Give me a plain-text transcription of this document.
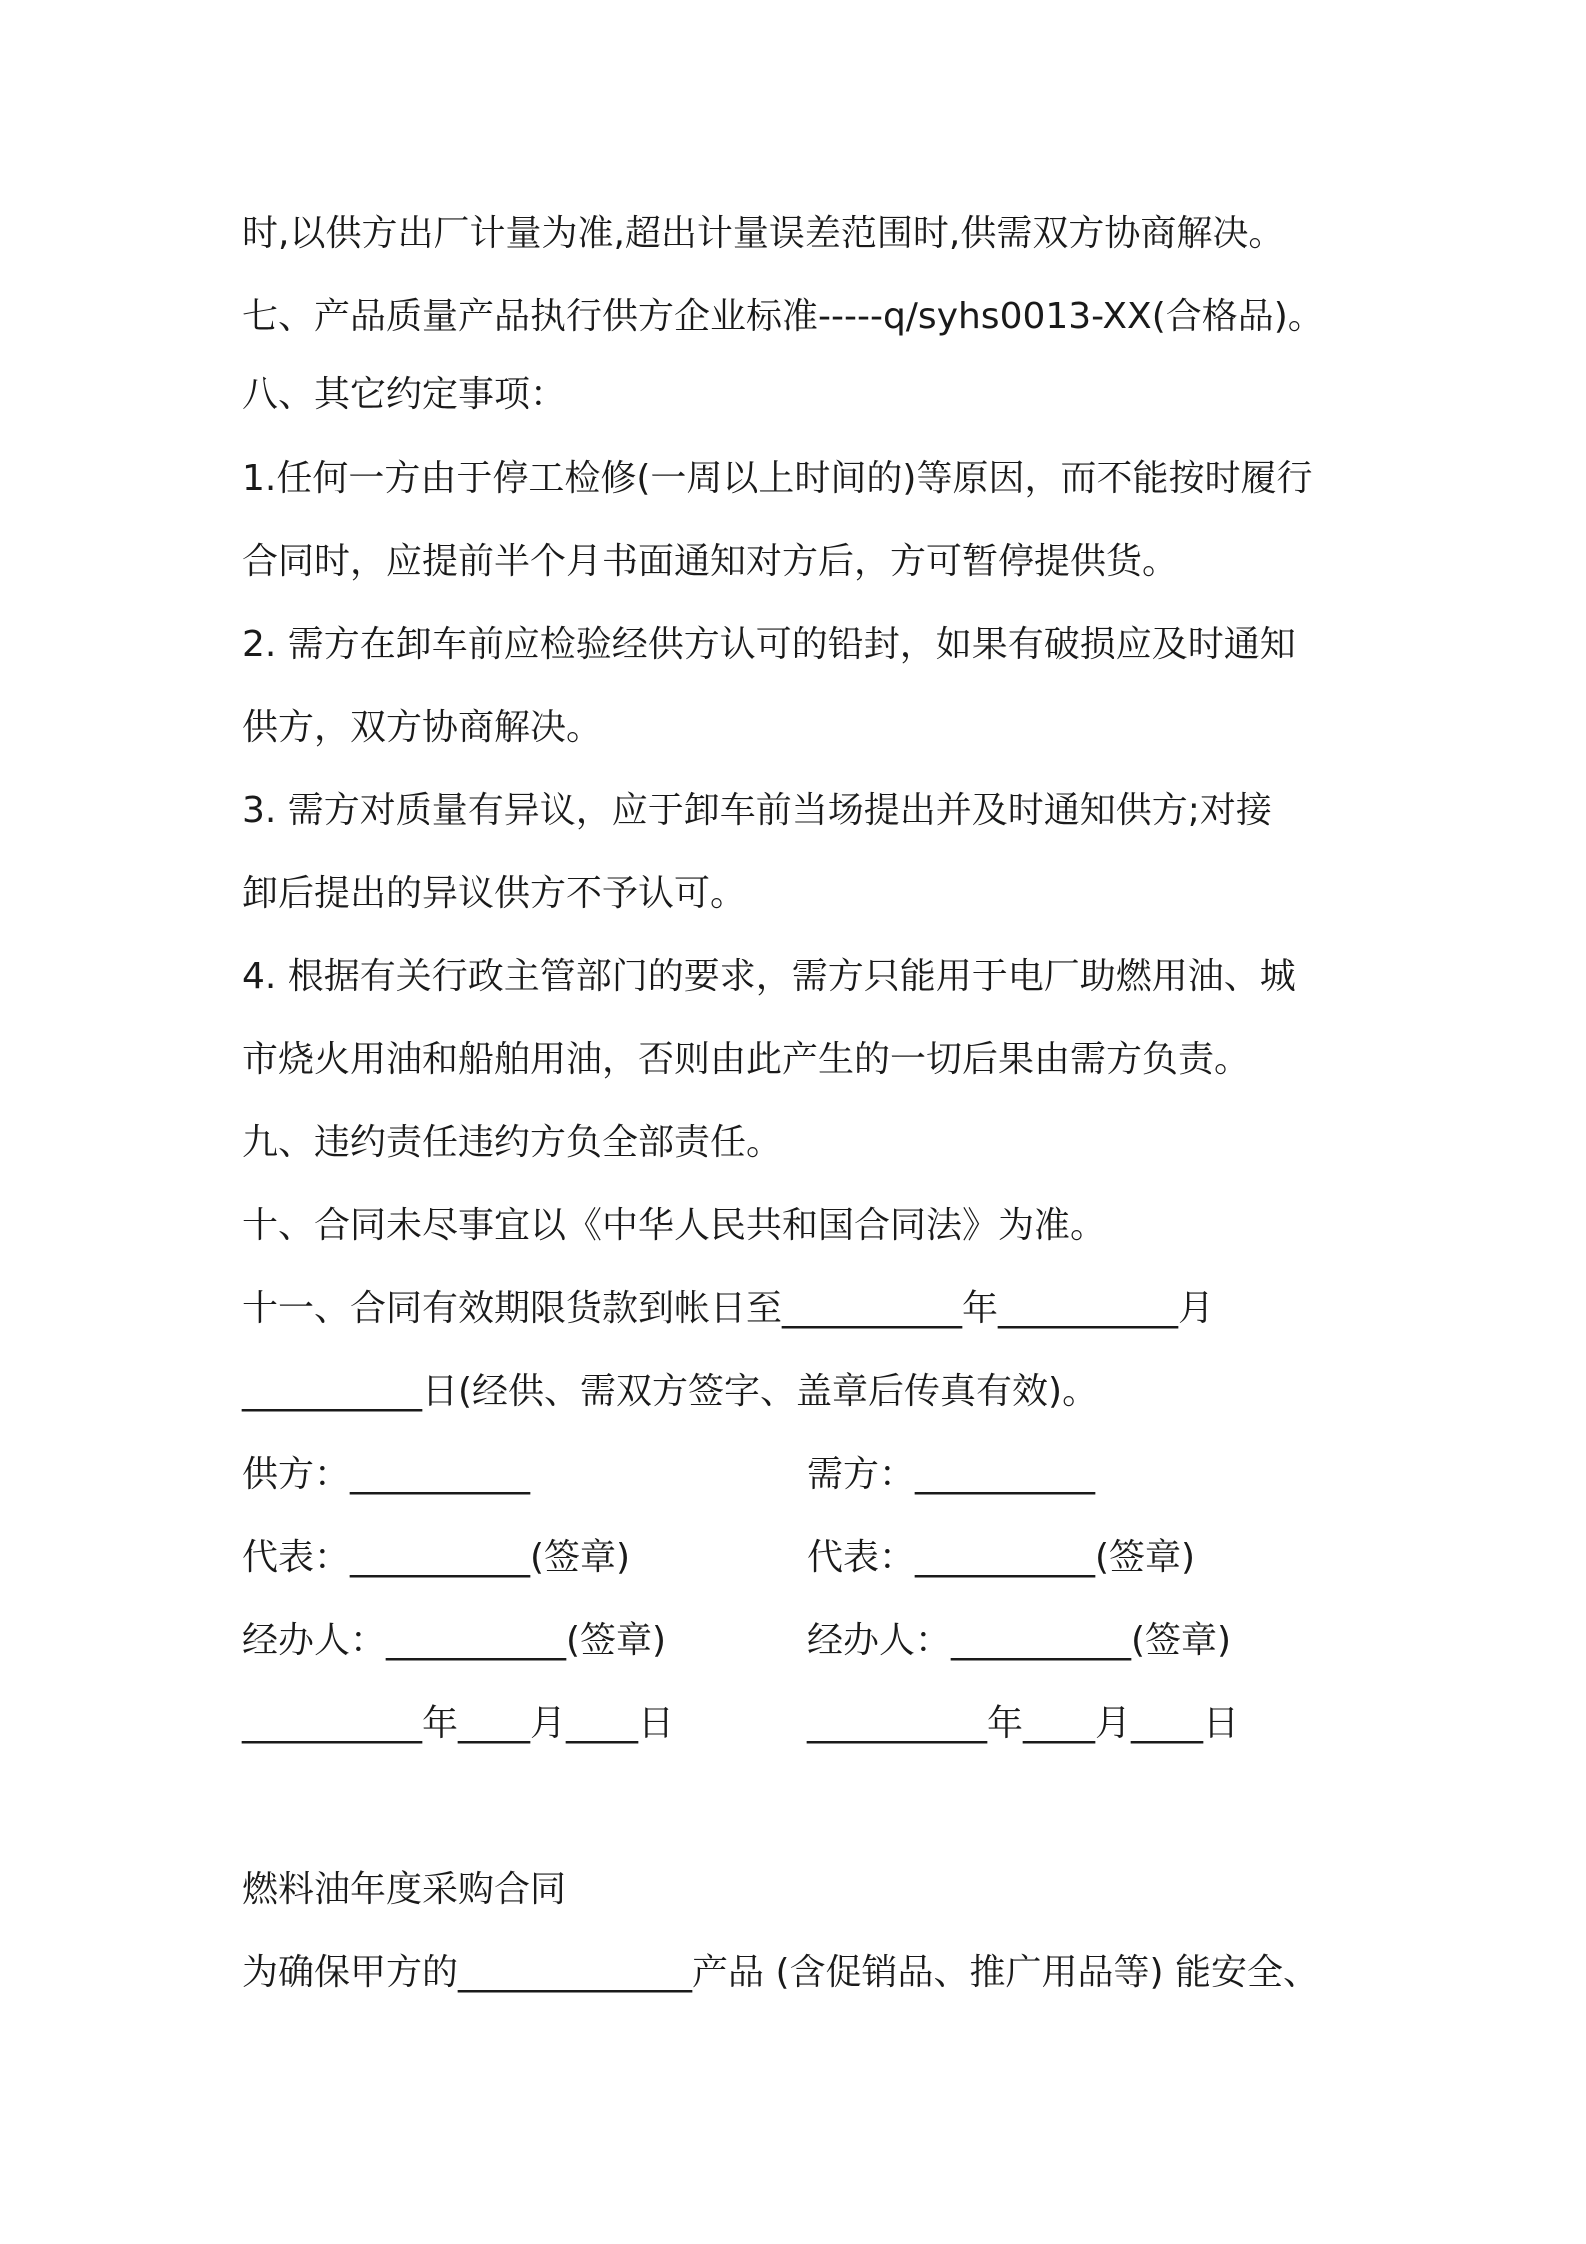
时,以供方出厂计量为准,超出计量误差范围时,供需双方协商解决。
七、产品质量产品执行供方企业标准-----q/syhs0013-XX(合格品)。
八、其它约定事项：
1.任何一方由于停工检修(一周以上时间的)等原因，而不能按时履行
合同时，应提前半个月书面通知对方后，方可暂停提供货。
2. 需方在卸车前应检验经供方认可的铅封，如果有破损应及时通知
供方，双方协商解决。
3. 需方对质量有异议，应于卸车前当场提出并及时通知供方;对接
卸后提出的异议供方不予认可。
4. 根据有关行政主管部门的要求，需方只能用于电厂助燃用油、城
市烧火用油和船舶用油，否则由此产生的一切后果由需方负责。
九、违约责任违约方负全部责任。
十、合同未尽事宜以《中华人民共和国合同法》为准。
十一、合同有效期限货款到帐日至__________年__________月
__________日(经供、需双方签字、盖章后传真有效)。
供方：__________
代表：__________(签章)
经办人：__________(签章)
__________年____月____日
需方：__________
代表：__________(签章)
经办人：__________(签章)
__________年____月____日
燃料油年度采购合同
为确保甲方的_____________产品 (含促销品、推广用品等) 能安全、
